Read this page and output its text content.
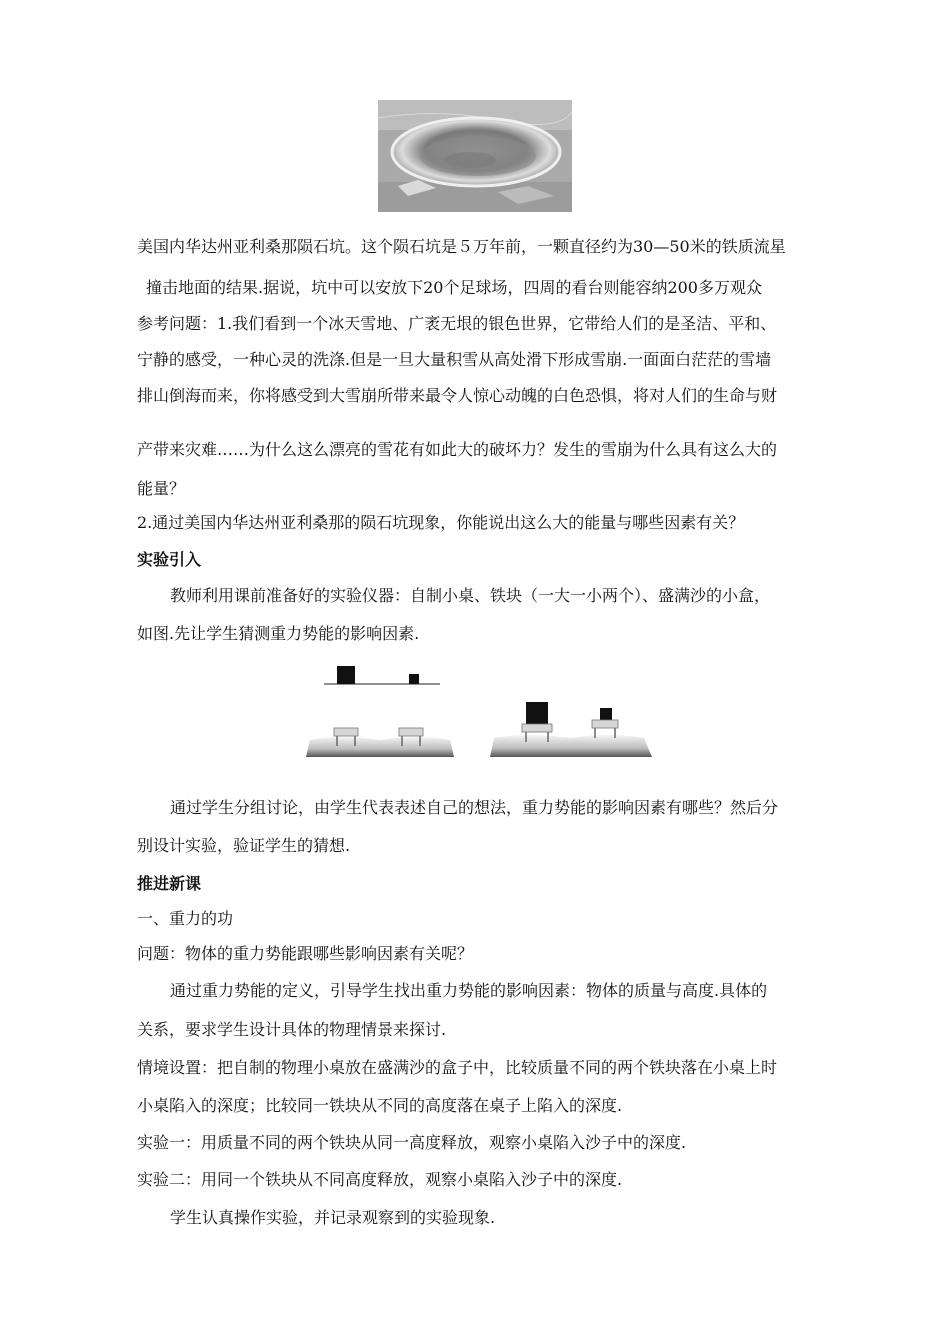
美国内华达州亚利桑那陨石坑。这个陨石坑是５万年前，一颗直径约为30—50米的铁质流星
撞击地面的结果.据说，坑中可以安放下20个足球场，四周的看台则能容纳200多万观众
参考问题：1.我们看到一个冰天雪地、广袤无垠的银色世界，它带给人们的是圣洁、平和、
宁静的感受，一种心灵的洗涤.但是一旦大量积雪从高处滑下形成雪崩.一面面白茫茫的雪墙
排山倒海而来，你将感受到大雪崩所带来最令人惊心动魄的白色恐惧，将对人们的生命与财
产带来灾难……为什么这么漂亮的雪花有如此大的破坏力？发生的雪崩为什么具有这么大的
能量？
2.通过美国内华达州亚利桑那的陨石坑现象，你能说出这么大的能量与哪些因素有关？
实验引入
教师利用课前准备好的实验仪器：自制小桌、铁块（一大一小两个）、盛满沙的小盒，
如图.先让学生猜测重力势能的影响因素.
通过学生分组讨论，由学生代表表述自己的想法，重力势能的影响因素有哪些？然后分
别设计实验，验证学生的猜想.
推进新课
一、重力的功
问题：物体的重力势能跟哪些影响因素有关呢？
通过重力势能的定义，引导学生找出重力势能的影响因素：物体的质量与高度.具体的
关系，要求学生设计具体的物理情景来探讨.
情境设置：把自制的物理小桌放在盛满沙的盒子中，比较质量不同的两个铁块落在小桌上时
小桌陷入的深度；比较同一铁块从不同的高度落在桌子上陷入的深度.
实验一：用质量不同的两个铁块从同一高度释放，观察小桌陷入沙子中的深度.
实验二：用同一个铁块从不同高度释放，观察小桌陷入沙子中的深度.
学生认真操作实验，并记录观察到的实验现象.
